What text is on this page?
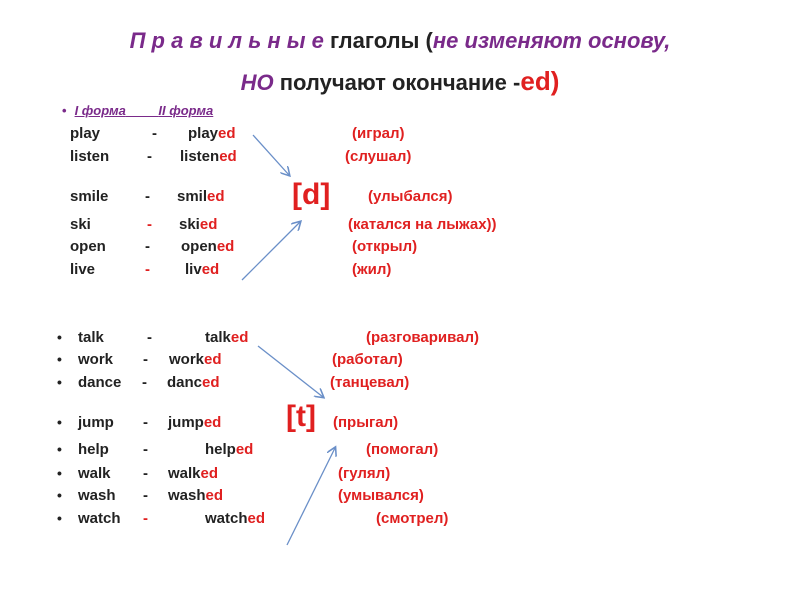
П р а в и л ь н ы е глаголы (не изменяют основу,
НО получают окончание -ed)
• I форма	II форма
play	- played	(играл)
listen	- listened	(слушал)
smile - smiled	(улыбался)
ski	- skied	(катался на лыжах))
open	- opened	(открыл)
live	- lived	(жил)
• talk	-	talked	(разговаривал)
• work - worked	(работал)
• dance - danced	(танцевал)
• jump - jumped	(прыгал)
• help -	helped	(помогал)
• walk - walked	(гулял)
• wash - washed	(умывался)
• watch -	watched	(смотрел)
[d]
[t]
